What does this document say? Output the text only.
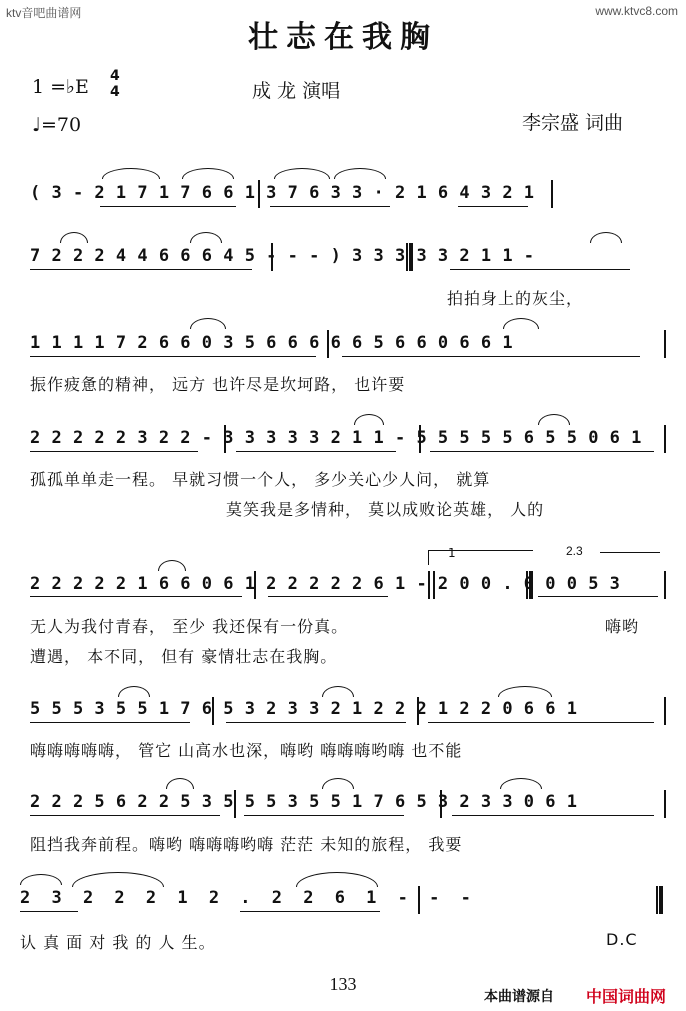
ktv音吧曲谱网	www.ktvc8.com
壮志在我胸
1 =♭E 4
4
♩=70
成 龙 演唱
李宗盛 词曲
( 3 - 2 1 7 1 7 6 6 1 3 7 6 3 3 · 2 1 6 4 3 2 1
7 2 2 2 4 4 6 6 6 4 5 - - - ) 3 3 3 3 3 2 1 1 -
拍拍身上的灰尘，
1 1 1 1 7 2 6 6 0 3 5 6 6 6 6 6 5 6 6 0 6 6 1
振作疲惫的精神， 远方 也许尽是坎坷路， 也许要
2 2 2 2 2 3 2 2 - 3 3 3 3 3 2 1 1 - 5 5 5 5 5 6 5 5 0 6 1
孤孤单单走一程。 早就习惯一个人， 多少关心少人问， 就算
莫笑我是多情种， 莫以成败论英雄， 人的
1	2.3
2 2 2 2 2 1 6 6 0 6 1 2 2 2 2 2 6 1 - 2 0 0 . 0 0 0 5 3
无人为我付青春， 至少 我还保有一份真。	嗨哟
遭遇， 本不同， 但有 豪情壮志在我胸。
5 5 5 3 5 5 1 7 6 5 3 2 3 3 2 1 2 2 2 1 2 2 0 6 6 1
嗨嗨嗨嗨嗨， 管它 山高水也深，嗨哟 嗨嗨嗨哟嗨 也不能
2 2 2 5 6 2 2 5 3 5 5 5 3 5 5 1 7 6 5 3 2 3 3 0 6 1
阻挡我奔前程。嗨哟 嗨嗨嗨哟嗨 茫茫 未知的旅程， 我要
2 3 2 2 2 1 2 . 2 2 6 1 - - -
认 真 面 对 我 的 人 生。	D.C
133
本曲谱源自 中国词曲网
